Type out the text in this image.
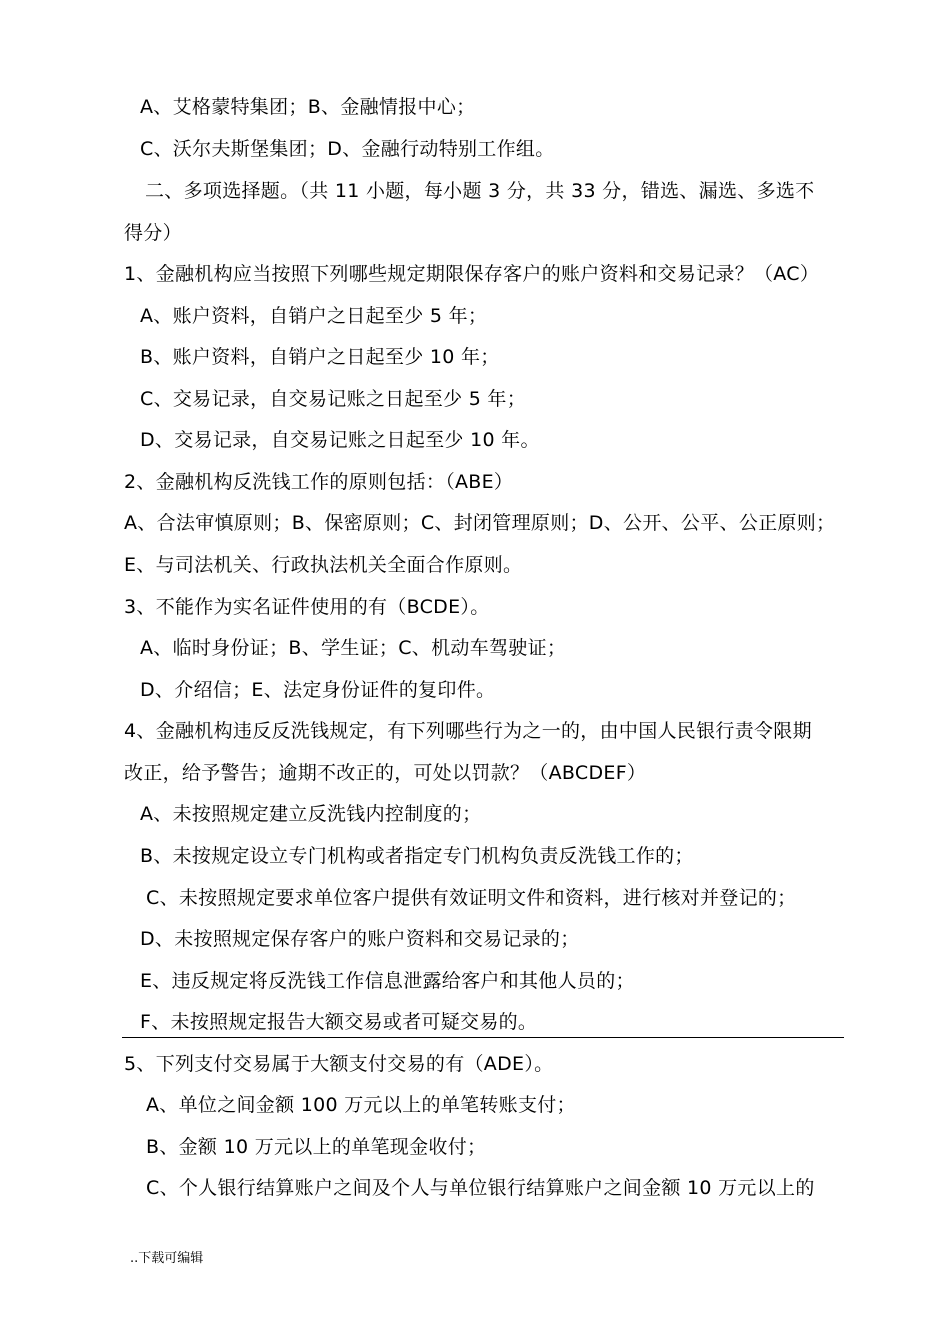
A、艾格蒙特集团；B、金融情报中心；
C、沃尔夫斯堡集团；D、金融行动特别工作组。
二、多项选择题。（共 11 小题，每小题 3 分，共 33 分，错选、漏选、多选不
得分）
1、金融机构应当按照下列哪些规定期限保存客户的账户资料和交易记录？（AC）
A、账户资料，自销户之日起至少 5 年；
B、账户资料，自销户之日起至少 10 年；
C、交易记录，自交易记账之日起至少 5 年；
D、交易记录，自交易记账之日起至少 10 年。
2、金融机构反洗钱工作的原则包括：（ABE）
A、合法审慎原则；B、保密原则；C、封闭管理原则；D、公开、公平、公正原则；
E、与司法机关、行政执法机关全面合作原则。
3、不能作为实名证件使用的有（BCDE）。
A、临时身份证；B、学生证；C、机动车驾驶证；
D、介绍信；E、法定身份证件的复印件。
4、金融机构违反反洗钱规定，有下列哪些行为之一的，由中国人民银行责令限期
改正，给予警告；逾期不改正的，可处以罚款？（ABCDEF）
A、未按照规定建立反洗钱内控制度的；
B、未按规定设立专门机构或者指定专门机构负责反洗钱工作的；
C、未按照规定要求单位客户提供有效证明文件和资料，进行核对并登记的；
D、未按照规定保存客户的账户资料和交易记录的；
E、违反规定将反洗钱工作信息泄露给客户和其他人员的；
F、未按照规定报告大额交易或者可疑交易的。
5、下列支付交易属于大额支付交易的有（ADE）。
A、单位之间金额 100 万元以上的单笔转账支付；
B、金额 10 万元以上的单笔现金收付；
C、个人银行结算账户之间及个人与单位银行结算账户之间金额 10 万元以上的
..下载可编辑
